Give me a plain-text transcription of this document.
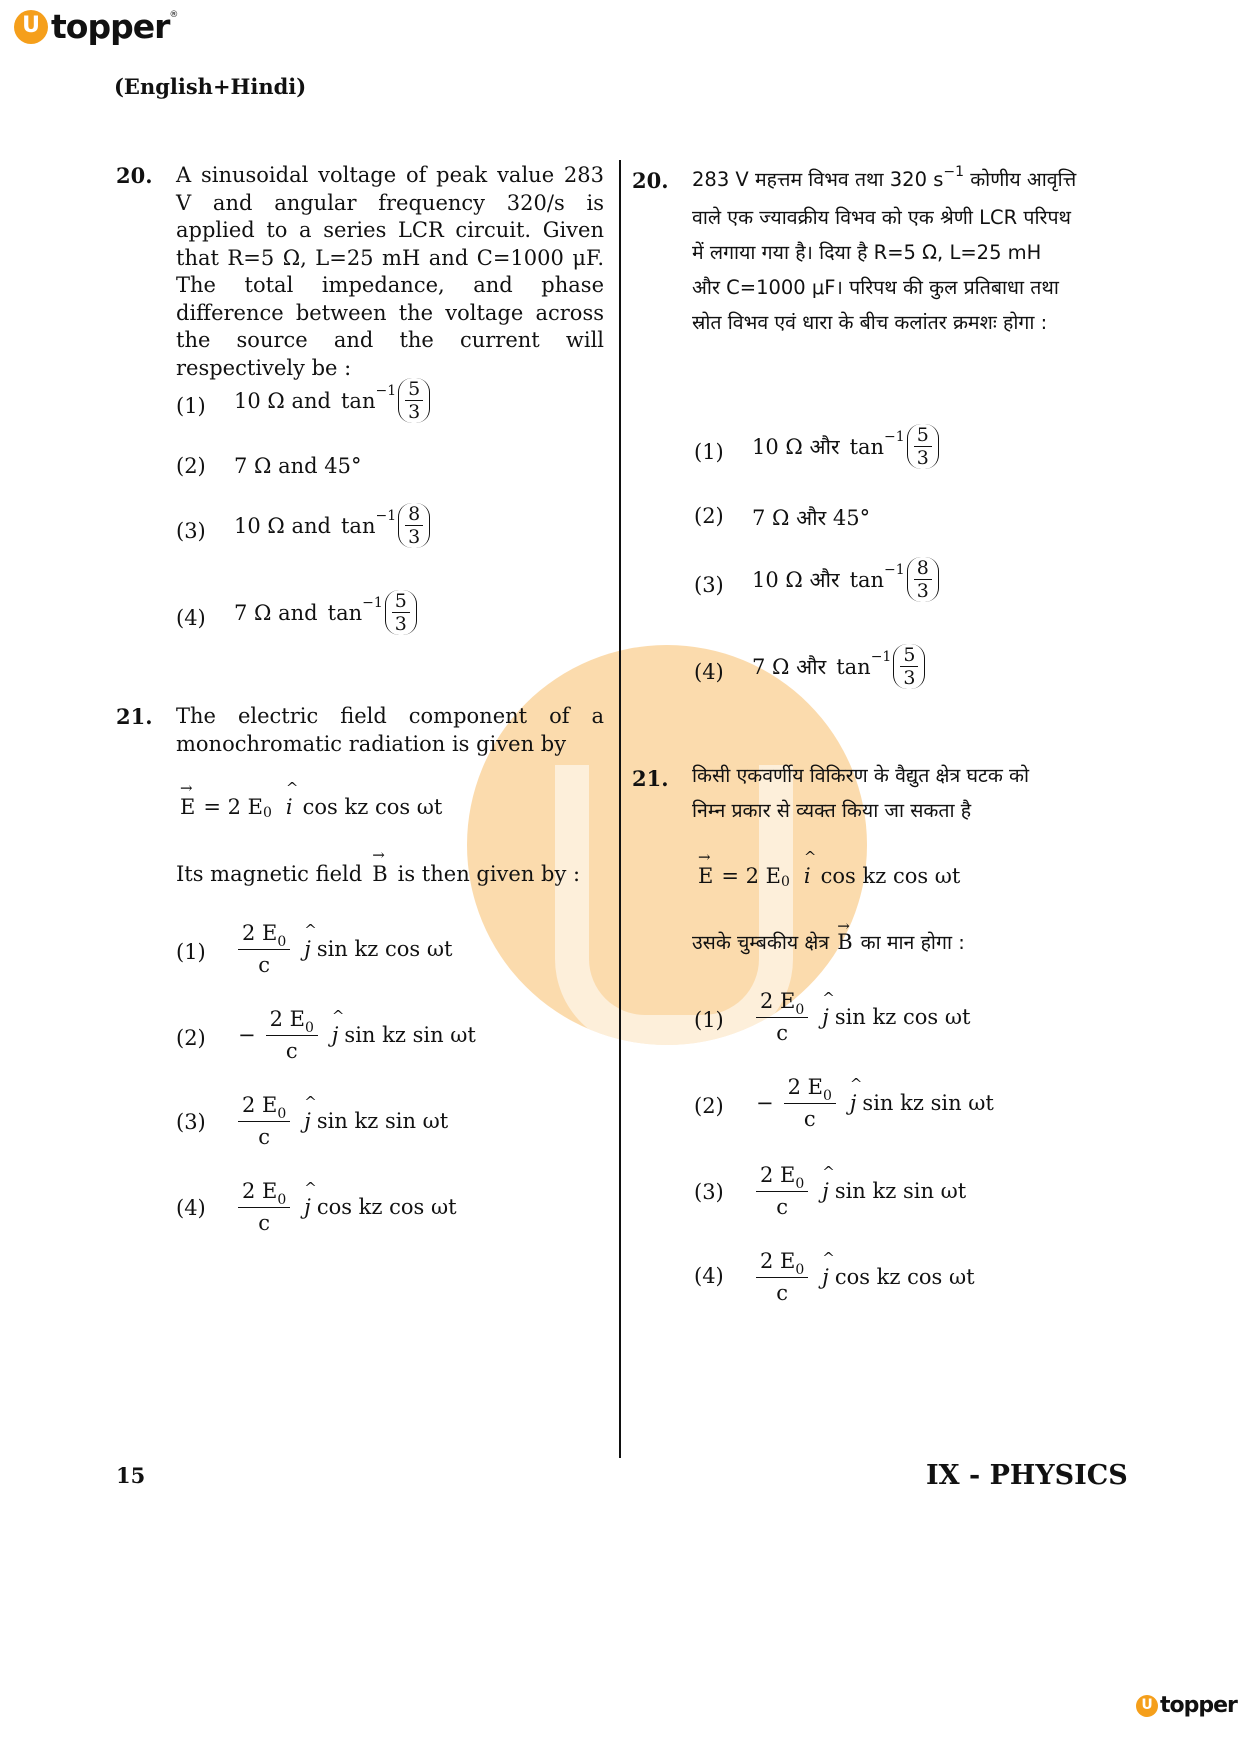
U topper ®
(English+Hindi)
20. A sinusoidal voltage of peak value 283 V and angular frequency 320/s is applied to a series LCR circuit. Given that R=5 Ω, L=25 mH and C=1000 μF. The total impedance, and phase difference between the voltage across the source and the current will respectively be :
(1) 10 Ω and $\tan -1 \frac{5}{3}$
(2) 7 Ω and 45°
(3) 10 Ω and $\tan -1 \frac{8}{3}$
(4) 7 Ω and $\tan -1 \frac{5}{3}$
21. The electric field component of a monochromatic radiation is given by
→
E = 2 E 0
^
i cos kz cos ωt
Its magnetic field
→
B is then given by :
$(1) \frac{2 E_0}{c}$ ^
j sin kz cos ωt
$(2) - \frac{2 E_0}{c}$ ^
j sin kz sin ωt
$(3) \frac{2 E_0}{c}$ ^
j sin kz sin ωt
$(4) \frac{2 E_0}{c}$ ^
j cos kz cos ωt
20. 283 V महत्तम विभव तथा 320 $s^{-1}$ कोणीय आवृत्ति
वाले एक ज्यावक्रीय विभव को एक श्रेणी LCR परिपथ
में लगाया गया है। दिया है R=5 Ω, L=25 mH
और C=1000 μF। परिपथ की कुल प्रतिबाधा तथा
स्रोत विभव एवं धारा के बीच कलांतर क्रमशः होगा :
(1) 10 Ω और $\tan -1 \frac{5}{3}$
(2) 7 Ω और 45°
(3) 10 Ω और $\tan -1 \frac{8}{3}$
(4) 7 Ω और $\tan -1 \frac{5}{3}$
21. किसी एकवर्णीय विकिरण के वैद्युत क्षेत्र घटक को
निम्न प्रकार से व्यक्त किया जा सकता है
→
E = 2 E 0
^
i cos kz cos ωt
उसके चुम्बकीय क्षेत्र
→
B का मान होगा :
$(1) \frac{2 E_0}{c}$ ^
j sin kz cos ωt
$(2) - \frac{2 E_0}{c}$ ^
j sin kz sin ωt
$(3) \frac{2 E_0}{c}$ ^
j sin kz sin ωt
$(4) \frac{2 E_0}{c}$ ^
j cos kz cos ωt
15	IX - PHYSICS
U topper
